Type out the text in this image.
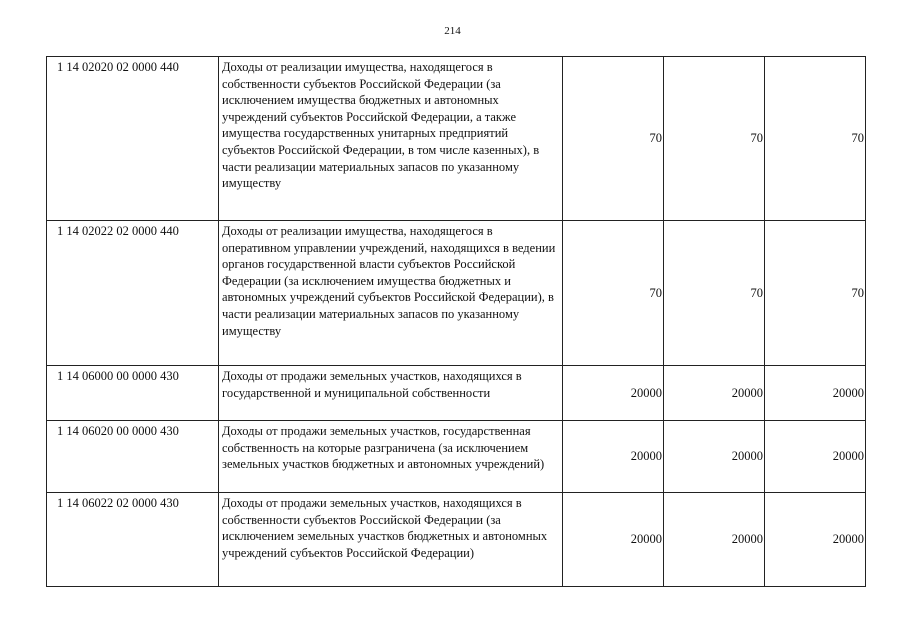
214
1 14 02020 02 0000 440	Доходы от реализации имущества, находящегося в собственности субъектов Российской Федерации (за исключением имущества бюджетных и автономных учреждений субъектов Российской Федерации, а также имущества государственных унитарных предприятий субъектов Российской Федерации, в том числе казенных), в части реализации материальных запасов по указанному имуществу	70	70	70
1 14 02022 02 0000 440	Доходы от реализации имущества, находящегося в оперативном управлении учреждений, находящихся в ведении органов государственной власти субъектов Российской Федерации (за исключением имущества бюджетных и автономных учреждений субъектов Российской Федерации), в части реализации материальных запасов по указанному имуществу	70	70	70
1 14 06000 00 0000 430	Доходы от продажи земельных участков, находящихся в государственной и муниципальной собственности	20000	20000	20000
1 14 06020 00 0000 430	Доходы от продажи земельных участков, государственная собственность на которые разграничена (за исключением земельных участков бюджетных и автономных учреждений)	20000	20000	20000
1 14 06022 02 0000 430	Доходы от продажи земельных участков, находящихся в собственности субъектов Российской Федерации (за исключением земельных участков бюджетных и автономных учреждений субъектов Российской Федерации)	20000	20000	20000
